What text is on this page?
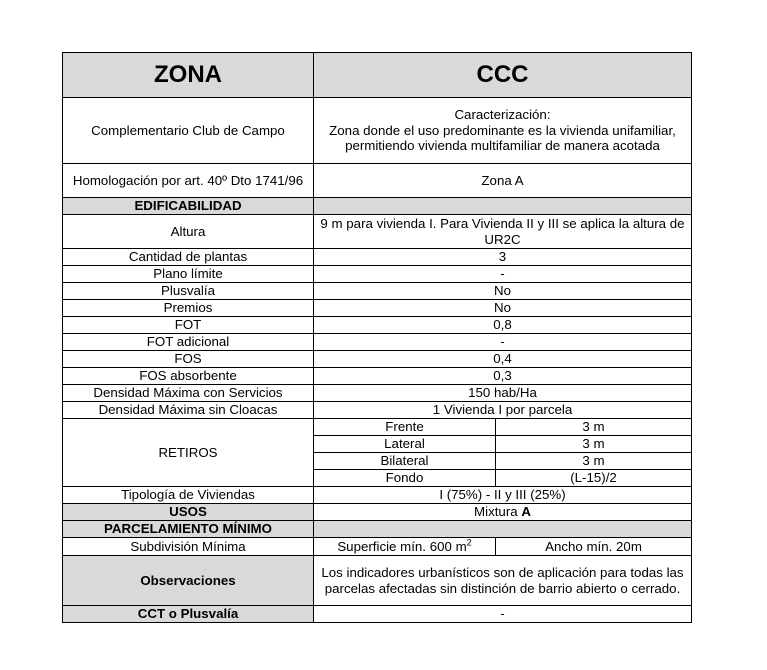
ZONA	CCC	
Complementario Club de Campo	Caracterización:
Zona donde el uso predominante es la vivienda unifamiliar, permitiendo vivienda multifamiliar de manera acotada	

Homologación por art. 40º Dto 1741/96	Zona A	
EDIFICABILIDAD		
Altura	9 m para vivienda I. Para Vivienda II y III se aplica la altura de UR2C	
Cantidad de plantas	3	
Plano límite	-	
Plusvalía	No	
Premios	No	
FOT	0,8	
FOT adicional	-	
FOS	0,4	
FOS absorbente	0,3	
Densidad Máxima con Servicios	150 hab/Ha	
Densidad Máxima sin Cloacas	1 Vivienda I por parcela	
RETIROS	Frente	3 m
	Lateral	3 m
	Bilateral	3 m
	Fondo	(L-15)/2
Tipología de Viviendas	I (75%) - II y III (25%)	
USOS	Mixtura A	
PARCELAMIENTO MÍNIMO		
Subdivisión Mínima	Superficie mín. 600 $m^2$	Ancho mín. 20m
Observaciones	Los indicadores urbanísticos son de aplicación para todas las parcelas afectadas sin distinción de barrio abierto o cerrado.	
CCT o Plusvalía	-	
